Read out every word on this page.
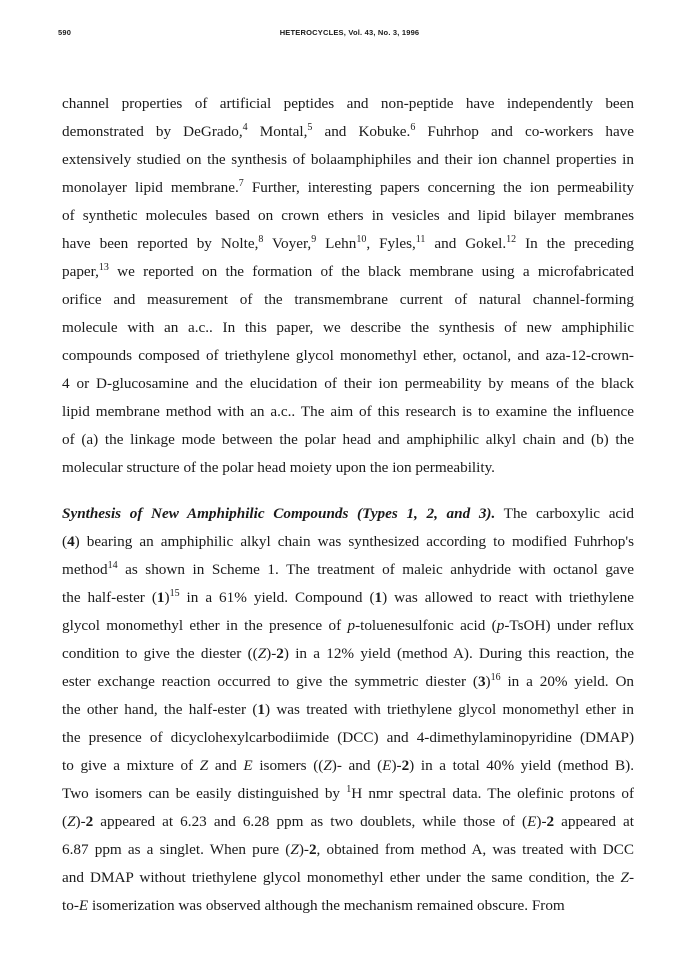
590	HETEROCYCLES, Vol. 43, No. 3, 1996
channel properties of artificial peptides and non-peptide have independently been
demonstrated by DeGrado,$^4$ Montal,$^5$ and Kobuke.$^6$ Fuhrhop and co-workers have
extensively studied on the synthesis of bolaamphiphiles and their ion channel properties in
monolayer lipid membrane.$^7$ Further, interesting papers concerning the ion permeability
of synthetic molecules based on crown ethers in vesicles and lipid bilayer membranes
have been reported by Nolte,$^8$ Voyer,$^9$ Lehn$^{10}$, Fyles,$^{11}$ and Gokel.$^{12}$ In the preceding
paper,$^{13}$ we reported on the formation of the black membrane using a microfabricated
orifice and measurement of the transmembrane current of natural channel-forming
molecule with an a.c.. In this paper, we describe the synthesis of new amphiphilic
compounds composed of triethylene glycol monomethyl ether, octanol, and aza-12-crown-
4 or D-glucosamine and the elucidation of their ion permeability by means of the black
lipid membrane method with an a.c.. The aim of this research is to examine the influence
of (a) the linkage mode between the polar head and amphiphilic alkyl chain and (b) the
molecular structure of the polar head moiety upon the ion permeability.
Synthesis of New Amphiphilic Compounds (Types 1, 2, and 3). The carboxylic acid
(4) bearing an amphiphilic alkyl chain was synthesized according to modified Fuhrhop's
method$^{14}$ as shown in Scheme 1. The treatment of maleic anhydride with octanol gave
the half-ester $(1)^{15}$ in a 61% yield. Compound (1) was allowed to react with triethylene
glycol monomethyl ether in the presence of p-toluenesulfonic acid (p-TsOH) under reflux
condition to give the diester ((Z)-2) in a 12% yield (method A). During this reaction, the
ester exchange reaction occurred to give the symmetric diester $(3)^{16}$ in a 20% yield. On
the other hand, the half-ester (1) was treated with triethylene glycol monomethyl ether in
the presence of dicyclohexylcarbodiimide (DCC) and 4-dimethylaminopyridine (DMAP)
to give a mixture of Z and E isomers ((Z)- and (E)-2) in a total 40% yield (method B).
Two isomers can be easily distinguished by $^1$H nmr spectral data. The olefinic protons of
(Z)-2 appeared at 6.23 and 6.28 ppm as two doublets, while those of (E)-2 appeared at
6.87 ppm as a singlet. When pure (Z)-2, obtained from method A, was treated with DCC
and DMAP without triethylene glycol monomethyl ether under the same condition, the Z-
to-E isomerization was observed although the mechanism remained obscure. From
